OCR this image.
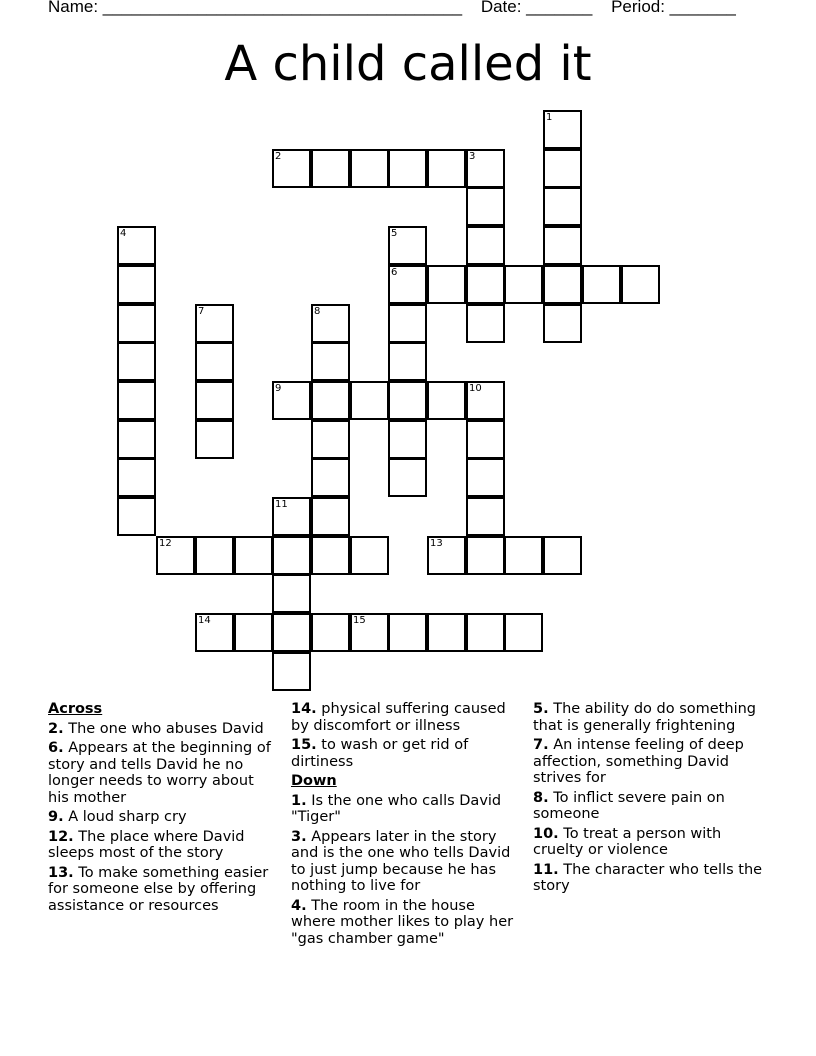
Name: ______________________________________ Date: _______ Period: _______
A child called it
1
2	3
4	5
6
7	8
9	10
11
12	13
14	15
Across
2. The one who abuses David
6. Appears at the beginning of story and tells David he no longer needs to worry about his mother
9. A loud sharp cry
12. The place where David sleeps most of the story
13. To make something easier for someone else by offering assistance or resources
14. physical suffering caused by discomfort or illness
15. to wash or get rid of dirtiness
Down
1. Is the one who calls David "Tiger"
3. Appears later in the story and is the one who tells David to just jump because he has nothing to live for
4. The room in the house where mother likes to play her "gas chamber game"
5. The ability do do something that is generally frightening
7. An intense feeling of deep affection, something David strives for
8. To inflict severe pain on someone
10. To treat a person with cruelty or violence
11. The character who tells the story
